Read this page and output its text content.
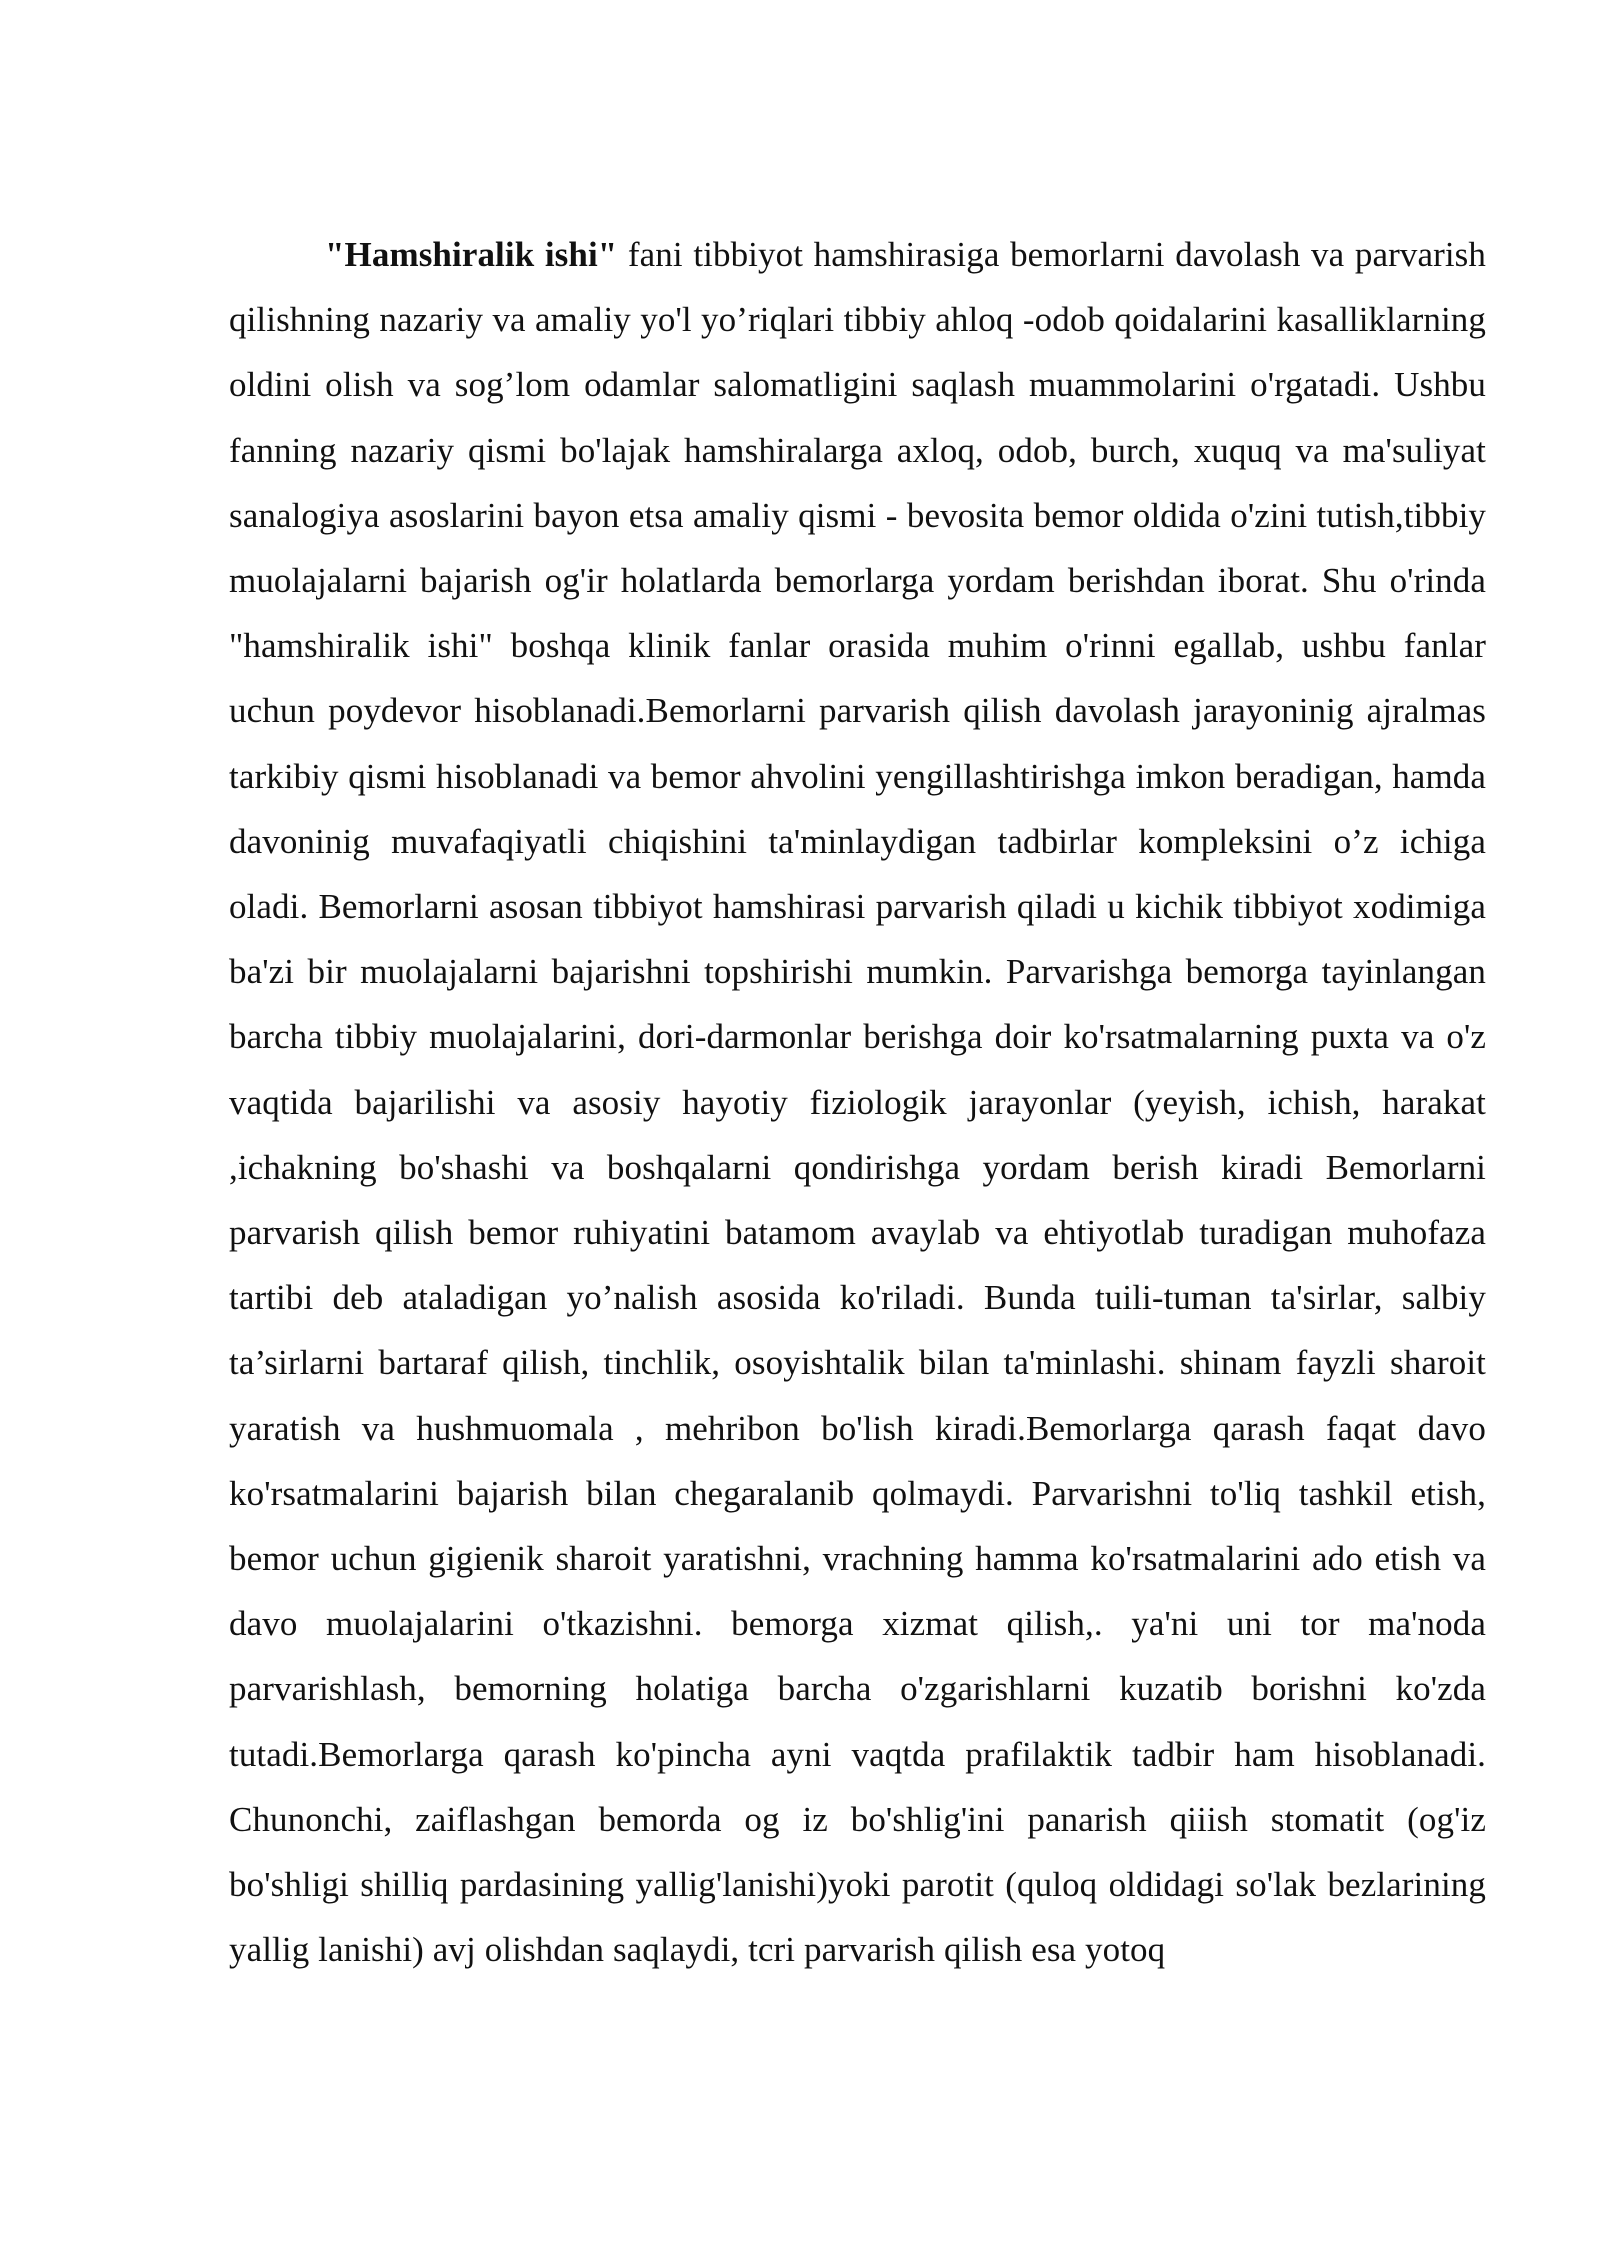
"Hamshiralik ishi" fani tibbiyot hamshirasiga bemorlarni davolash va parvarish qilishning nazariy va amaliy yo'l yo’riqlari tibbiy ahloq -odob qoidalarini kasalliklarning oldini olish va sog’lom odamlar salomatligini saqlash muammolarini o'rgatadi. Ushbu fanning nazariy qismi bo'lajak hamshiralarga axloq, odob, burch, xuquq va ma'suliyat sanalogiya asoslarini bayon etsa amaliy qismi - bevosita bemor oldida o'zini tutish,tibbiy muolajalarni bajarish og'ir holatlarda bemorlarga yordam berishdan iborat. Shu o'rinda "hamshiralik ishi" boshqa klinik fanlar orasida muhim o'rinni egallab, ushbu fanlar uchun poydevor hisoblanadi.Bemorlarni parvarish qilish davolash jarayoninig ajralmas tarkibiy qismi hisoblanadi va bemor ahvolini yengillashtirishga imkon beradigan, hamda davoninig muvafaqiyatli chiqishini ta'minlaydigan tadbirlar kompleksini o’z ichiga oladi. Bemorlarni asosan tibbiyot hamshirasi parvarish qiladi u kichik tibbiyot xodimiga ba'zi bir muolajalarni bajarishni topshirishi mumkin. Parvarishga bemorga tayinlangan barcha tibbiy muolajalarini, dori-darmonlar berishga doir ko'rsatmalarning puxta va o'z vaqtida bajarilishi va asosiy hayotiy fiziologik jarayonlar (yeyish, ichish, harakat ,ichakning bo'shashi va boshqalarni qondirishga yordam berish kiradi Bemorlarni parvarish qilish bemor ruhiyatini batamom avaylab va ehtiyotlab turadigan muhofaza tartibi deb ataladigan yo’nalish asosida ko'riladi. Bunda tuili-tuman ta'sirlar, salbiy ta’sirlarni bartaraf qilish, tinchlik, osoyishtalik bilan ta'minlashi. shinam fayzli sharoit yaratish va hushmuomala , mehribon bo'lish kiradi.Bemorlarga qarash faqat davo ko'rsatmalarini bajarish bilan chegaralanib qolmaydi. Parvarishni to'liq tashkil etish, bemor uchun gigienik sharoit yaratishni, vrachning hamma ko'rsatmalarini ado etish va davo muolajalarini o'tkazishni. bemorga xizmat qilish,. ya'ni uni tor ma'noda parvarishlash, bemorning holatiga barcha o'zgarishlarni kuzatib borishni ko'zda tutadi.Bemorlarga qarash ko'pincha ayni vaqtda prafilaktik tadbir ham hisoblanadi. Chunonchi, zaiflashgan bemorda og iz bo'shlig'ini panarish qiiish stomatit (og'iz bo'shligi shilliq pardasining yallig'lanishi)yoki parotit (quloq oldidagi so'lak bezlarining yallig lanishi) avj olishdan saqlaydi, tcri parvarish qilish esa yotoq
